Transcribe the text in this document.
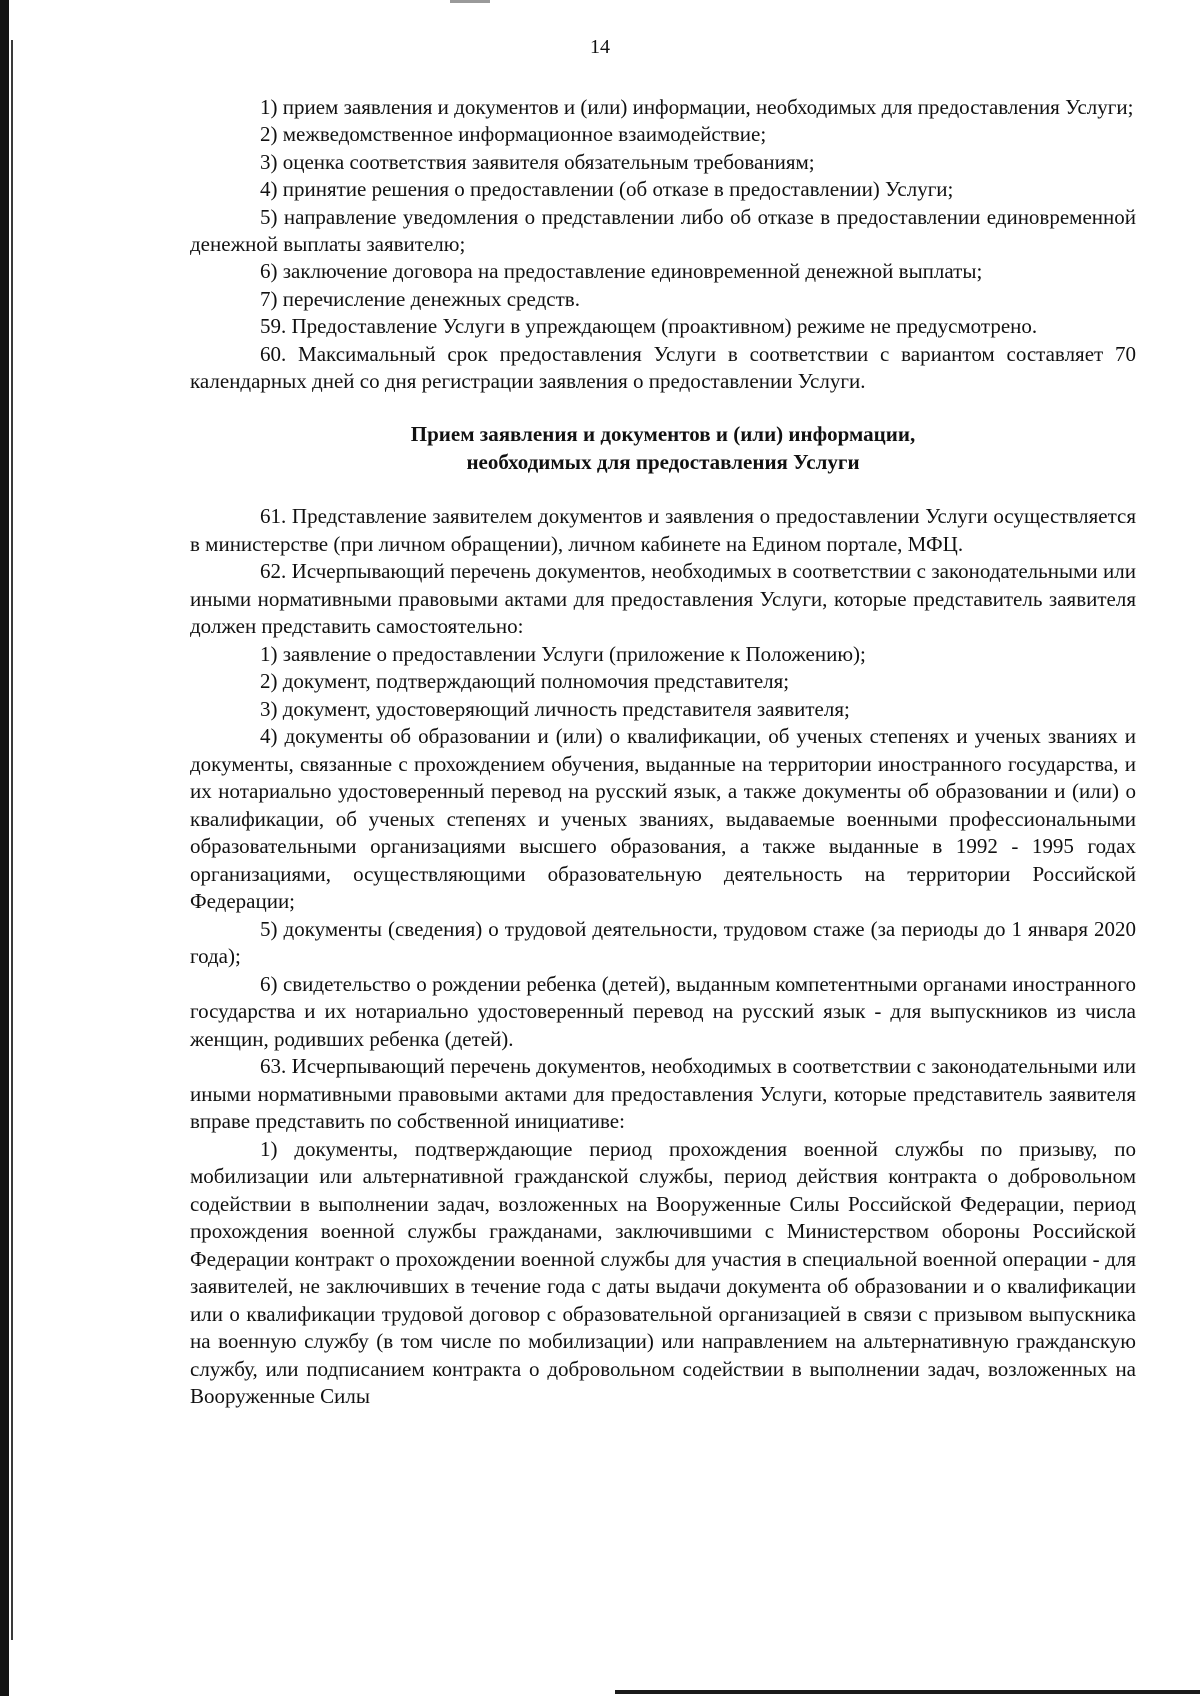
14

1) прием заявления и документов и (или) информации, необходимых для предоставления Услуги;

2) межведомственное информационное взаимодействие;

3) оценка соответствия заявителя обязательным требованиям;

4) принятие решения о предоставлении (об отказе в предоставлении) Услуги;

5) направление уведомления о представлении либо об отказе в предоставлении единовременной денежной выплаты заявителю;

6) заключение договора на предоставление единовременной денежной выплаты;

7) перечисление денежных средств.

59. Предоставление Услуги в упреждающем (проактивном) режиме не предусмотрено.

60. Максимальный срок предоставления Услуги в соответствии с вариантом составляет 70 календарных дней со дня регистрации заявления о предоставлении Услуги.

Прием заявления и документов и (или) информации,
необходимых для предоставления Услуги

61. Представление заявителем документов и заявления о предоставлении Услуги осуществляется в министерстве (при личном обращении), личном кабинете на Едином портале, МФЦ.

62. Исчерпывающий перечень документов, необходимых в соответствии с законодательными или иными нормативными правовыми актами для предоставления Услуги, которые представитель заявителя должен представить самостоятельно:

1) заявление о предоставлении Услуги (приложение к Положению);

2) документ, подтверждающий полномочия представителя;

3) документ, удостоверяющий личность представителя заявителя;

4) документы об образовании и (или) о квалификации, об ученых степенях и ученых званиях и документы, связанные с прохождением обучения, выданные на территории иностранного государства, и их нотариально удостоверенный перевод на русский язык, а также документы об образовании и (или) о квалификации, об ученых степенях и ученых званиях, выдаваемые военными профессиональными образовательными организациями высшего образования, а также выданные в 1992 - 1995 годах организациями, осуществляющими образовательную деятельность на территории Российской Федерации;

5) документы (сведения) о трудовой деятельности, трудовом стаже (за периоды до 1 января 2020 года);

6) свидетельство о рождении ребенка (детей), выданным компетентными органами иностранного государства и их нотариально удостоверенный перевод на русский язык - для выпускников из числа женщин, родивших ребенка (детей).

63. Исчерпывающий перечень документов, необходимых в соответствии с законодательными или иными нормативными правовыми актами для предоставления Услуги, которые представитель заявителя вправе представить по собственной инициативе:

1) документы, подтверждающие период прохождения военной службы по призыву, по мобилизации или альтернативной гражданской службы, период действия контракта о добровольном содействии в выполнении задач, возложенных на Вооруженные Силы Российской Федерации, период прохождения военной службы гражданами, заключившими с Министерством обороны Российской Федерации контракт о прохождении военной службы для участия в специальной военной операции - для заявителей, не заключивших в течение года с даты выдачи документа об образовании и о квалификации или о квалификации трудовой договор с образовательной организацией в связи с призывом выпускника на военную службу (в том числе по мобилизации) или направлением на альтернативную гражданскую службу, или подписанием контракта о добровольном содействии в выполнении задач, возложенных на Вооруженные Силы
